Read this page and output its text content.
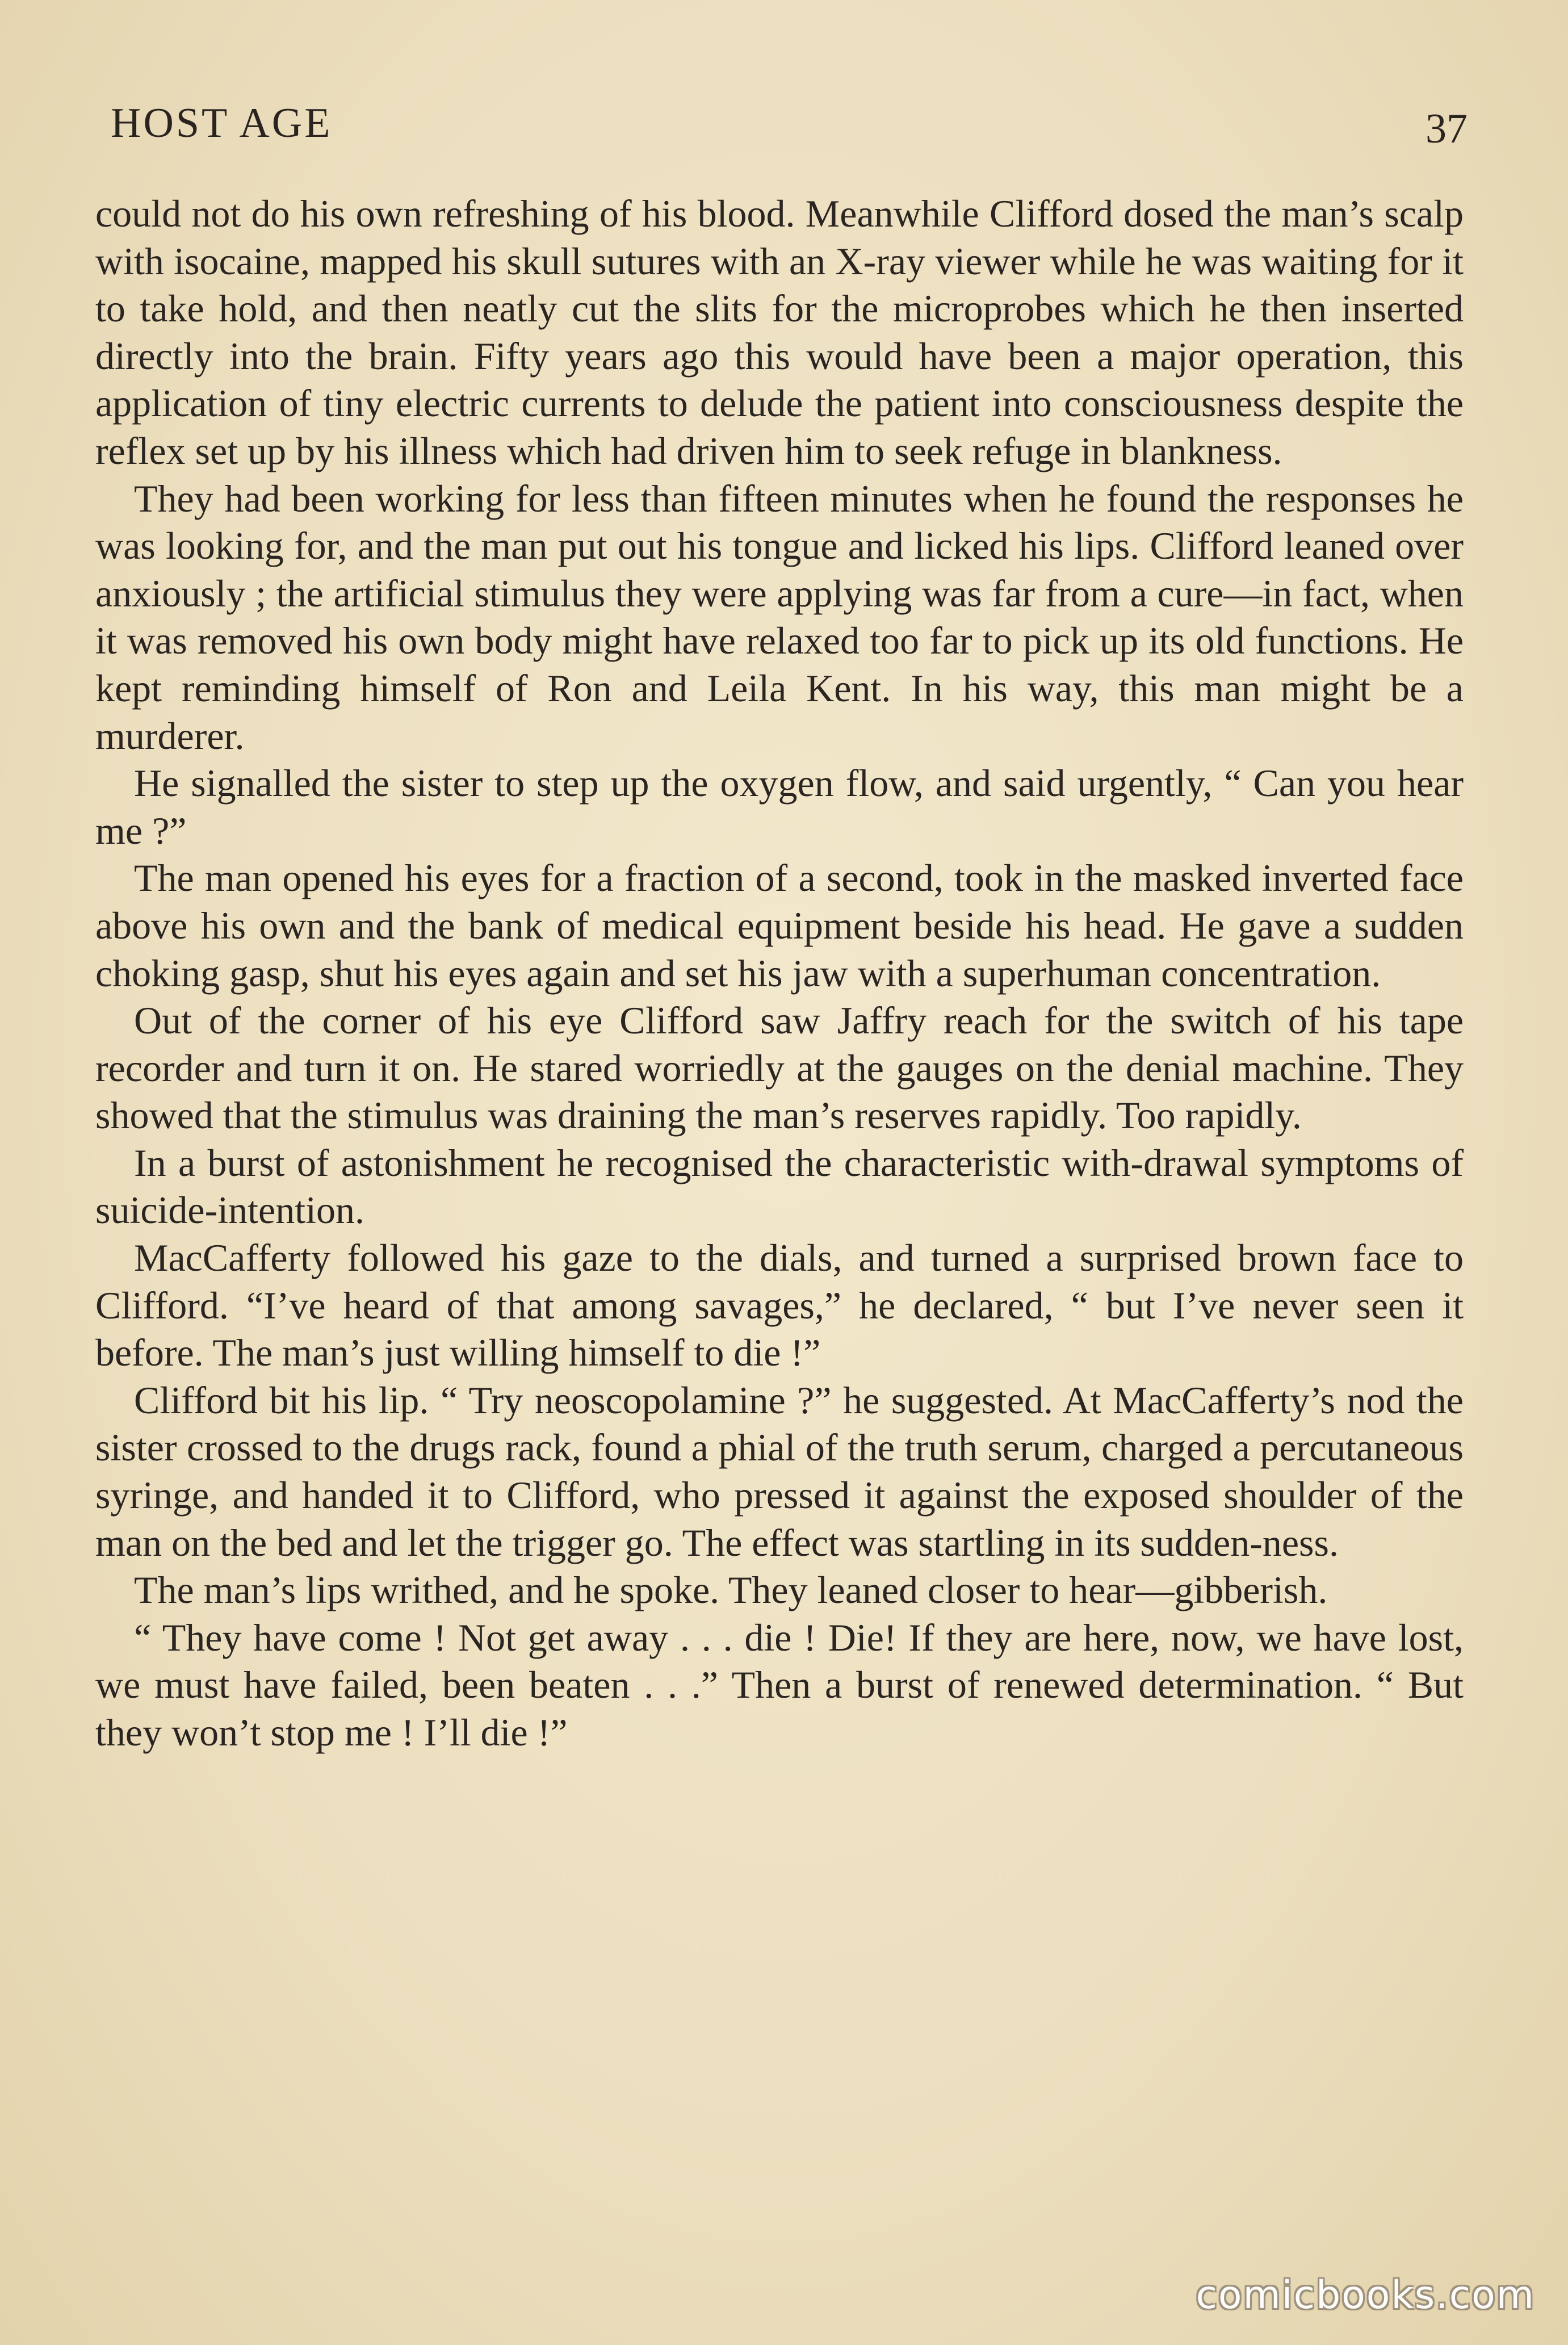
HOST AGE	37

could not do his own refreshing of his blood. Meanwhile Clifford dosed the man’s scalp with isocaine, mapped his skull sutures with an X-ray viewer while he was waiting for it to take hold, and then neatly cut the slits for the microprobes which he then inserted directly into the brain. Fifty years ago this would have been a major operation, this application of tiny electric currents to delude the patient into consciousness despite the reflex set up by his illness which had driven him to seek refuge in blankness.

They had been working for less than fifteen minutes when he found the responses he was looking for, and the man put out his tongue and licked his lips. Clifford leaned over anxiously ; the artificial stimulus they were applying was far from a cure—in fact, when it was removed his own body might have relaxed too far to pick up its old functions. He kept reminding himself of Ron and Leila Kent. In his way, this man might be a murderer.

He signalled the sister to step up the oxygen flow, and said urgently, “ Can you hear me ?”

The man opened his eyes for a fraction of a second, took in the masked inverted face above his own and the bank of medical equipment beside his head. He gave a sudden choking gasp, shut his eyes again and set his jaw with a superhuman concentration.

Out of the corner of his eye Clifford saw Jaffry reach for the switch of his tape recorder and turn it on. He stared worriedly at the gauges on the denial machine. They showed that the stimulus was draining the man’s reserves rapidly. Too rapidly.

In a burst of astonishment he recognised the characteristic with-drawal symptoms of suicide-intention.

MacCafferty followed his gaze to the dials, and turned a surprised brown face to Clifford. “I’ve heard of that among savages,” he declared, “ but I’ve never seen it before. The man’s just willing himself to die !”

Clifford bit his lip. “ Try neoscopolamine ?” he suggested. At MacCafferty’s nod the sister crossed to the drugs rack, found a phial of the truth serum, charged a percutaneous syringe, and handed it to Clifford, who pressed it against the exposed shoulder of the man on the bed and let the trigger go. The effect was startling in its sudden-ness.

The man’s lips writhed, and he spoke. They leaned closer to hear—gibberish.

“ They have come ! Not get away . . . die ! Die! If they are here, now, we have lost, we must have failed, been beaten . . .” Then a burst of renewed determination. “ But they won’t stop me ! I’ll die !”

comicbooks.com
